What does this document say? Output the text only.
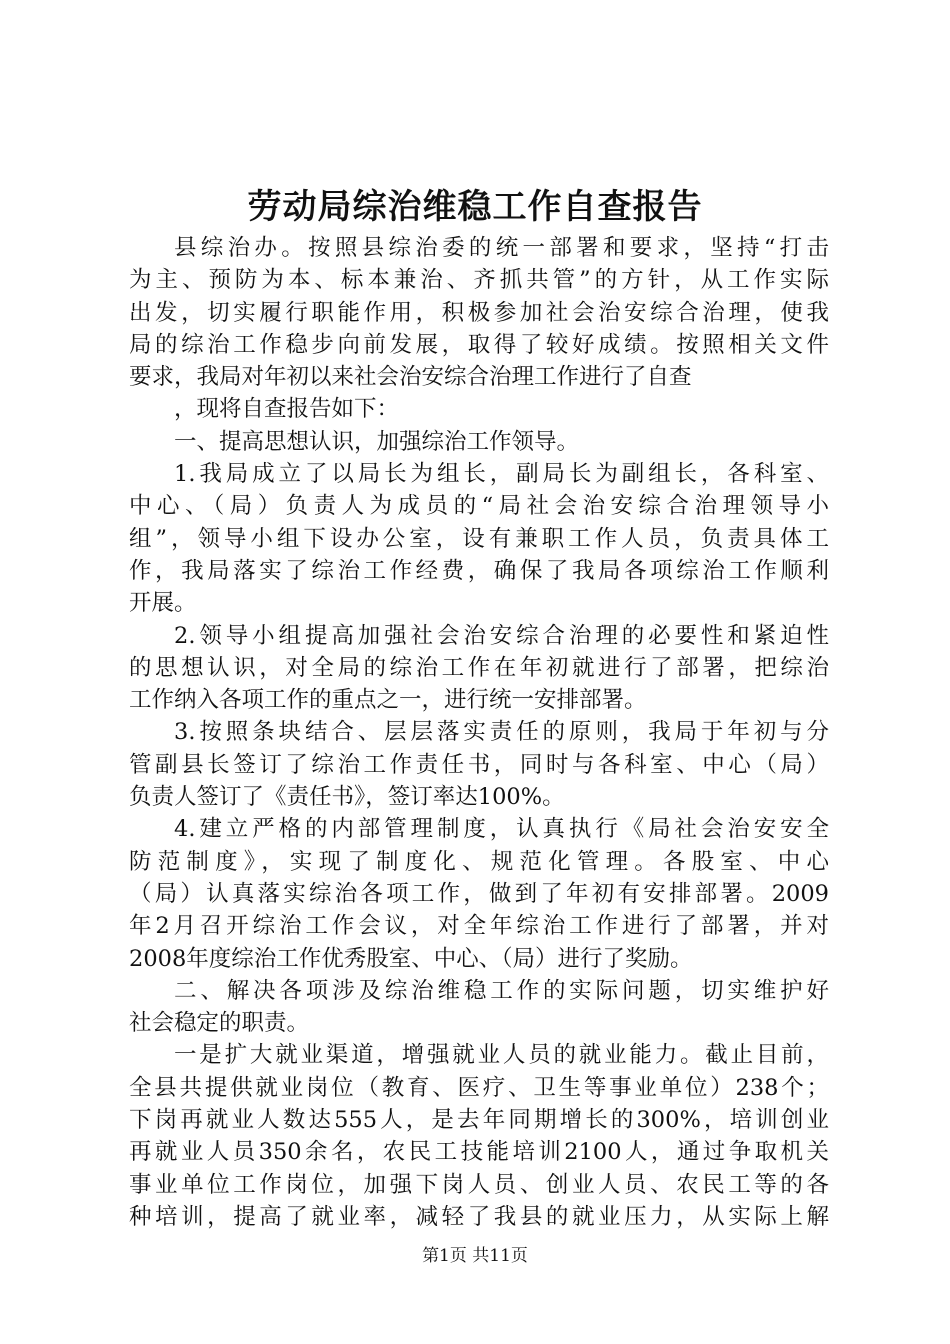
劳动局综治维稳工作自查报告
县综治办。按照县综治委的统一部署和要求，坚持“打击
为主、预防为本、标本兼治、齐抓共管”的方针，从工作实际
出发，切实履行职能作用，积极参加社会治安综合治理，使我
局的综治工作稳步向前发展，取得了较好成绩。按照相关文件
要求，我局对年初以来社会治安综合治理工作进行了自查
，现将自查报告如下：
一、提高思想认识，加强综治工作领导。
1.我局成立了以局长为组长，副局长为副组长，各科室、
中心、（局）负责人为成员的“局社会治安综合治理领导小
组”，领导小组下设办公室，设有兼职工作人员，负责具体工
作，我局落实了综治工作经费，确保了我局各项综治工作顺利
开展。
2.领导小组提高加强社会治安综合治理的必要性和紧迫性
的思想认识，对全局的综治工作在年初就进行了部署，把综治
工作纳入各项工作的重点之一，进行统一安排部署。
3.按照条块结合、层层落实责任的原则，我局于年初与分
管副县长签订了综治工作责任书，同时与各科室、中心（局）
负责人签订了《责任书》，签订率达100%。
4.建立严格的内部管理制度，认真执行《局社会治安安全
防范制度》，实现了制度化、规范化管理。各股室、中心
（局）认真落实综治各项工作，做到了年初有安排部署。2009
年2月召开综治工作会议，对全年综治工作进行了部署，并对
2008年度综治工作优秀股室、中心、（局）进行了奖励。
二、解决各项涉及综治维稳工作的实际问题，切实维护好
社会稳定的职责。
一是扩大就业渠道，增强就业人员的就业能力。截止目前，
全县共提供就业岗位（教育、医疗、卫生等事业单位）238个；
下岗再就业人数达555人，是去年同期增长的300%，培训创业
再就业人员350余名，农民工技能培训2100人，通过争取机关
事业单位工作岗位，加强下岗人员、创业人员、农民工等的各
种培训，提高了就业率，减轻了我县的就业压力，从实际上解
第1页 共11页
